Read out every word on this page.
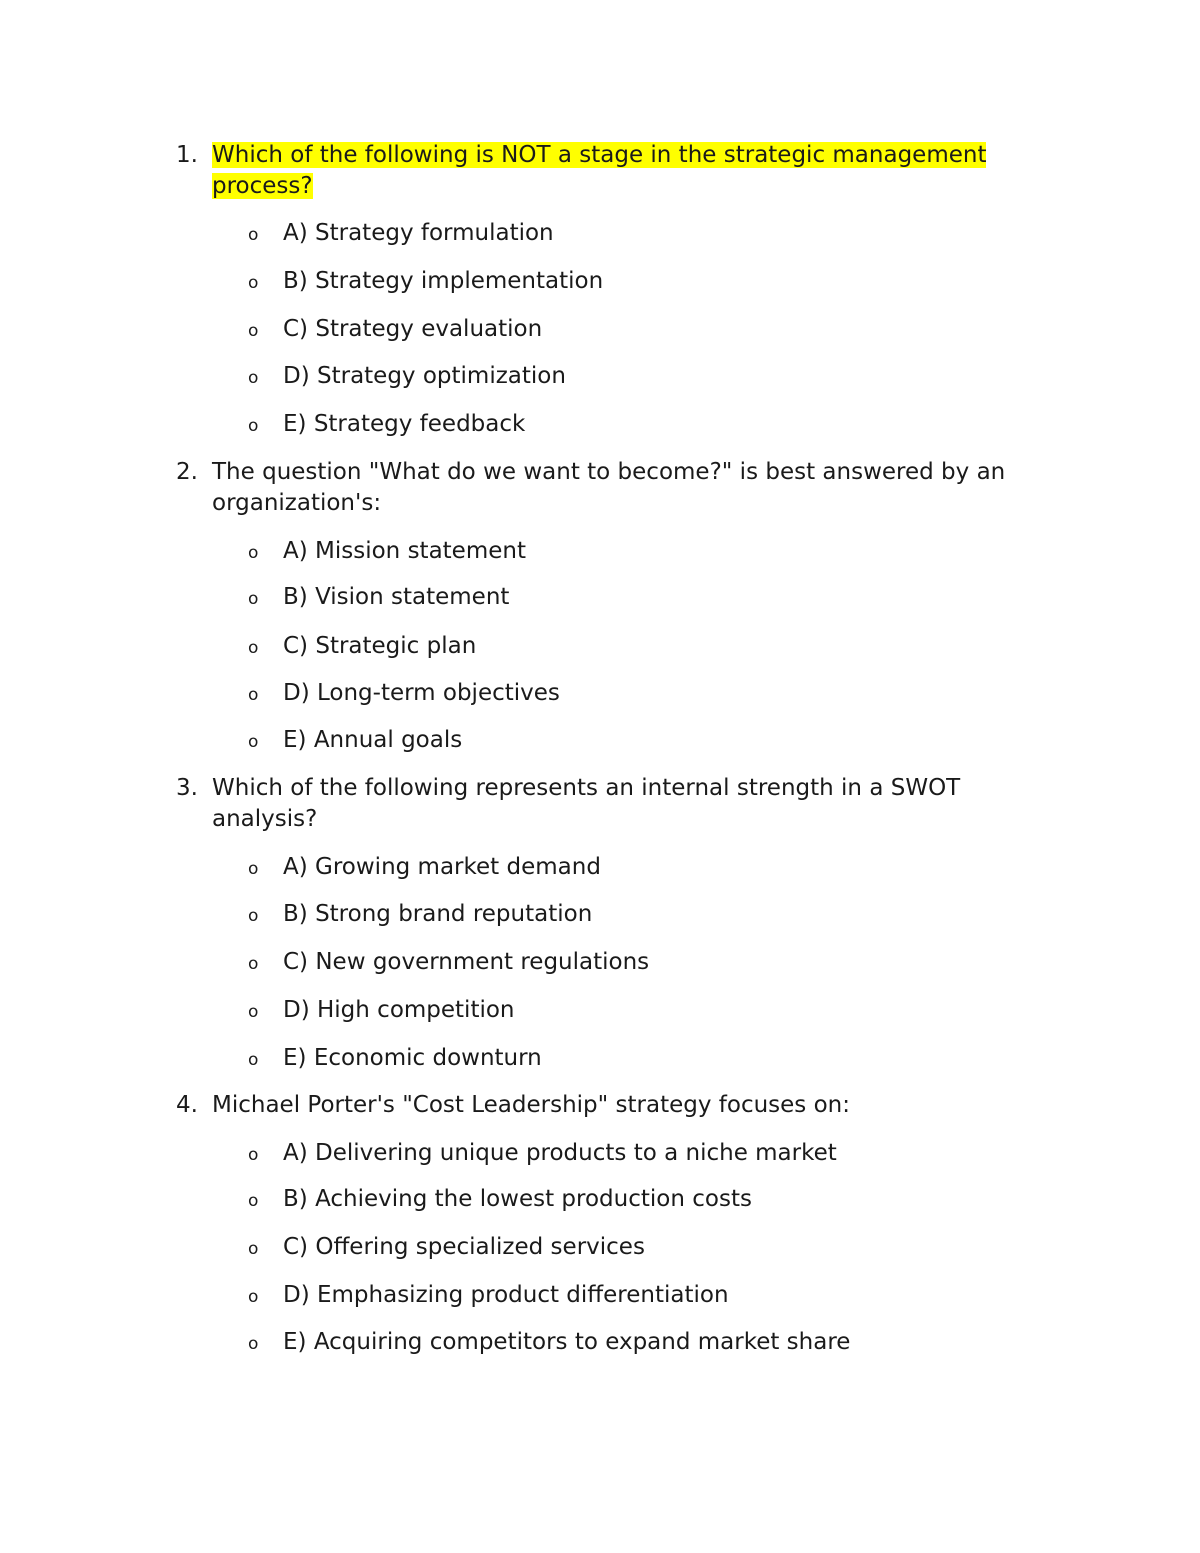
1. Which of the following is NOT a stage in the strategic management process?
o A) Strategy formulation
o B) Strategy implementation
o C) Strategy evaluation
o D) Strategy optimization
o E) Strategy feedback
2. The question "What do we want to become?" is best answered by an organization's:
o A) Mission statement
o B) Vision statement
o C) Strategic plan
o D) Long-term objectives
o E) Annual goals
3. Which of the following represents an internal strength in a SWOT analysis?
o A) Growing market demand
o B) Strong brand reputation
o C) New government regulations
o D) High competition
o E) Economic downturn
4. Michael Porter's "Cost Leadership" strategy focuses on:
o A) Delivering unique products to a niche market
o B) Achieving the lowest production costs
o C) Offering specialized services
o D) Emphasizing product differentiation
o E) Acquiring competitors to expand market share
